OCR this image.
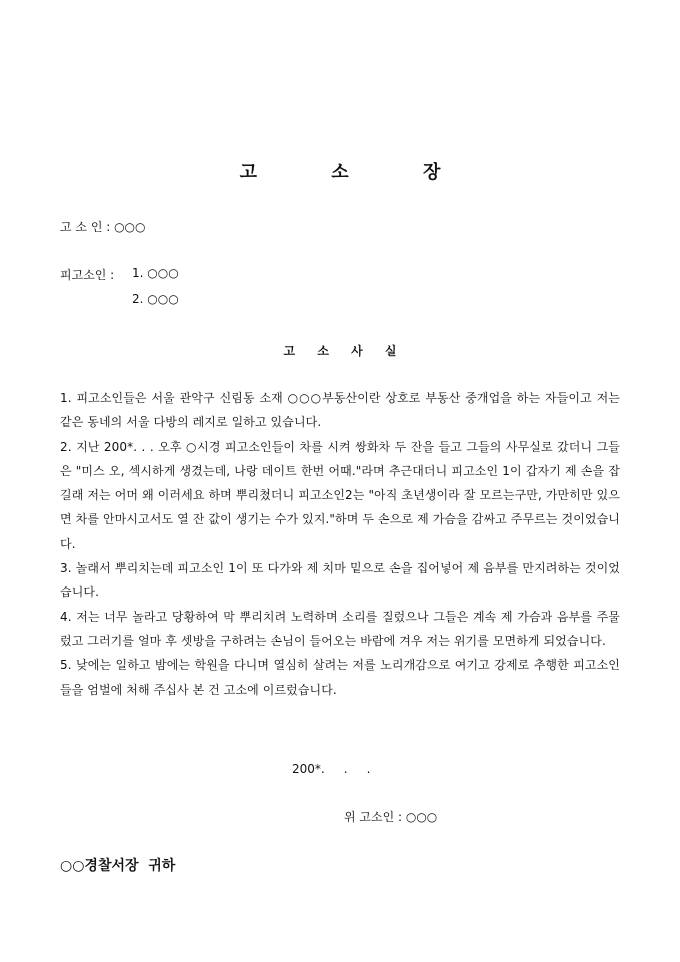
고 소 장
고 소 인 : ○○○
피고소인 : 1. ○○○
2. ○○○
고 소 사 실

1. 피고소인들은 서울 관악구 신림동 소재 ○○○부동산이란 상호로 부동산 중개업을 하는 자들이고 저는 같은 동네의 서울 다방의 레지로 일하고 있습니다.

2. 지난 200*. . . 오후 ○시경 피고소인들이 차를 시켜 쌍화차 두 잔을 들고 그들의 사무실로 갔더니 그들은 "미스 오, 섹시하게 생겼는데, 나랑 데이트 한번 어때."라며 추근대더니 피고소인 1이 갑자기 제 손을 잡길래 저는 어머 왜 이러세요 하며 뿌리쳤더니 피고소인2는 "아직 초년생이라 잘 모르는구만, 가만히만 있으면 차를 안마시고서도 열 잔 값이 생기는 수가 있지."하며 두 손으로 제 가슴을 감싸고 주무르는 것이었습니다.

3. 놀래서 뿌리치는데 피고소인 1이 또 다가와 제 치마 밑으로 손을 집어넣어 제 음부를 만지려하는 것이었습니다.

4. 저는 너무 놀라고 당황하여 막 뿌리치려 노력하며 소리를 질렀으나 그들은 계속 제 가슴과 음부를 주물렀고 그러기를 얼마 후 셋방을 구하려는 손님이 들어오는 바람에 겨우 저는 위기를 모면하게 되었습니다.

5. 낮에는 일하고 밤에는 학원을 다니며 열심히 살려는 저를 노리개감으로 여기고 강제로 추행한 피고소인들을 엄벌에 처해 주십사 본 건 고소에 이르렀습니다.

200*.     .     .
위 고소인 : ○○○
○○경찰서장  귀하
